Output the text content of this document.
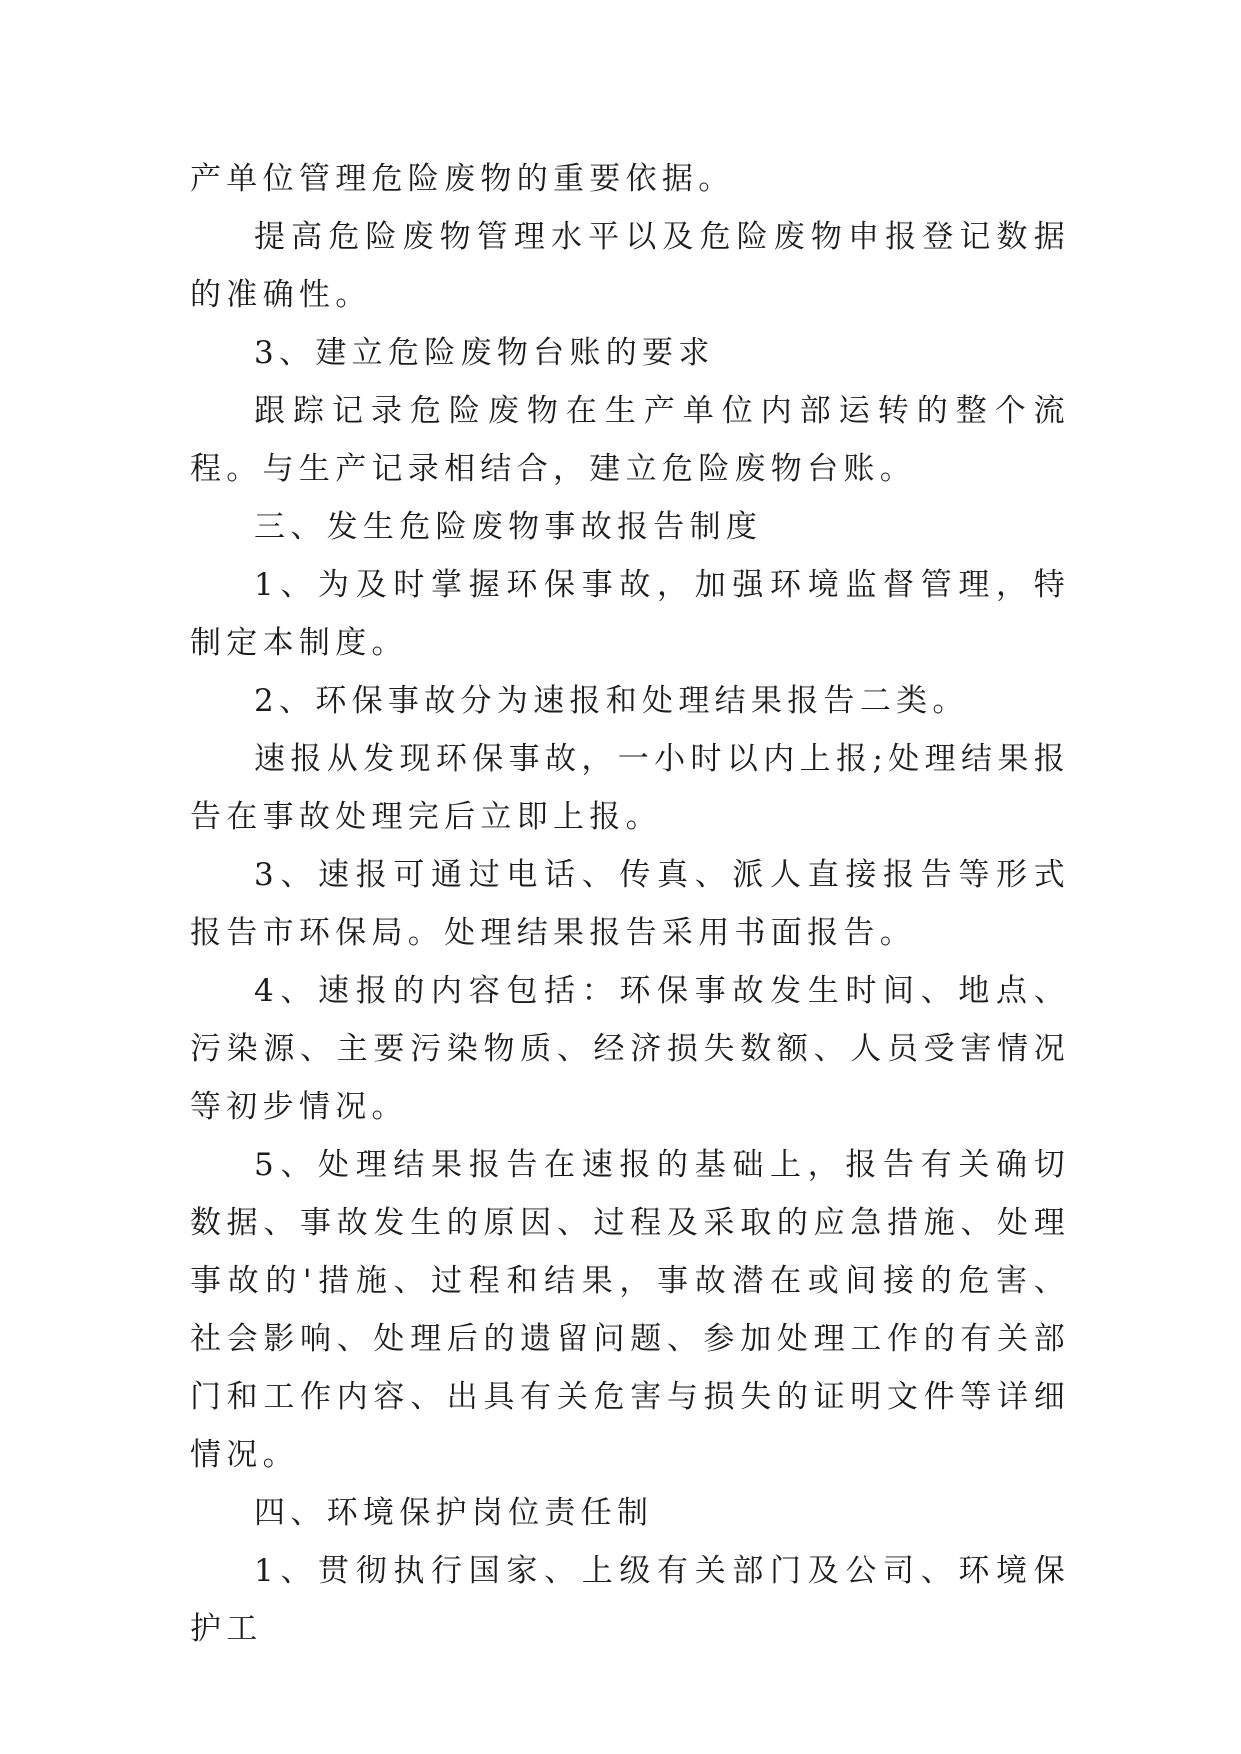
产单位管理危险废物的重要依据。

提高危险废物管理水平以及危险废物申报登记数据的准确性。

3、建立危险废物台账的要求

跟踪记录危险废物在生产单位内部运转的整个流程。与生产记录相结合，建立危险废物台账。

三、发生危险废物事故报告制度

1、为及时掌握环保事故，加强环境监督管理，特制定本制度。

2、环保事故分为速报和处理结果报告二类。

速报从发现环保事故，一小时以内上报;处理结果报告在事故处理完后立即上报。

3、速报可通过电话、传真、派人直接报告等形式报告市环保局。处理结果报告采用书面报告。

4、速报的内容包括：环保事故发生时间、地点、污染源、主要污染物质、经济损失数额、人员受害情况等初步情况。

5、处理结果报告在速报的基础上，报告有关确切数据、事故发生的原因、过程及采取的应急措施、处理事故的'措施、过程和结果，事故潜在或间接的危害、社会影响、处理后的遗留问题、参加处理工作的有关部门和工作内容、出具有关危害与损失的证明文件等详细情况。

四、环境保护岗位责任制

1、贯彻执行国家、上级有关部门及公司、环境保护工
